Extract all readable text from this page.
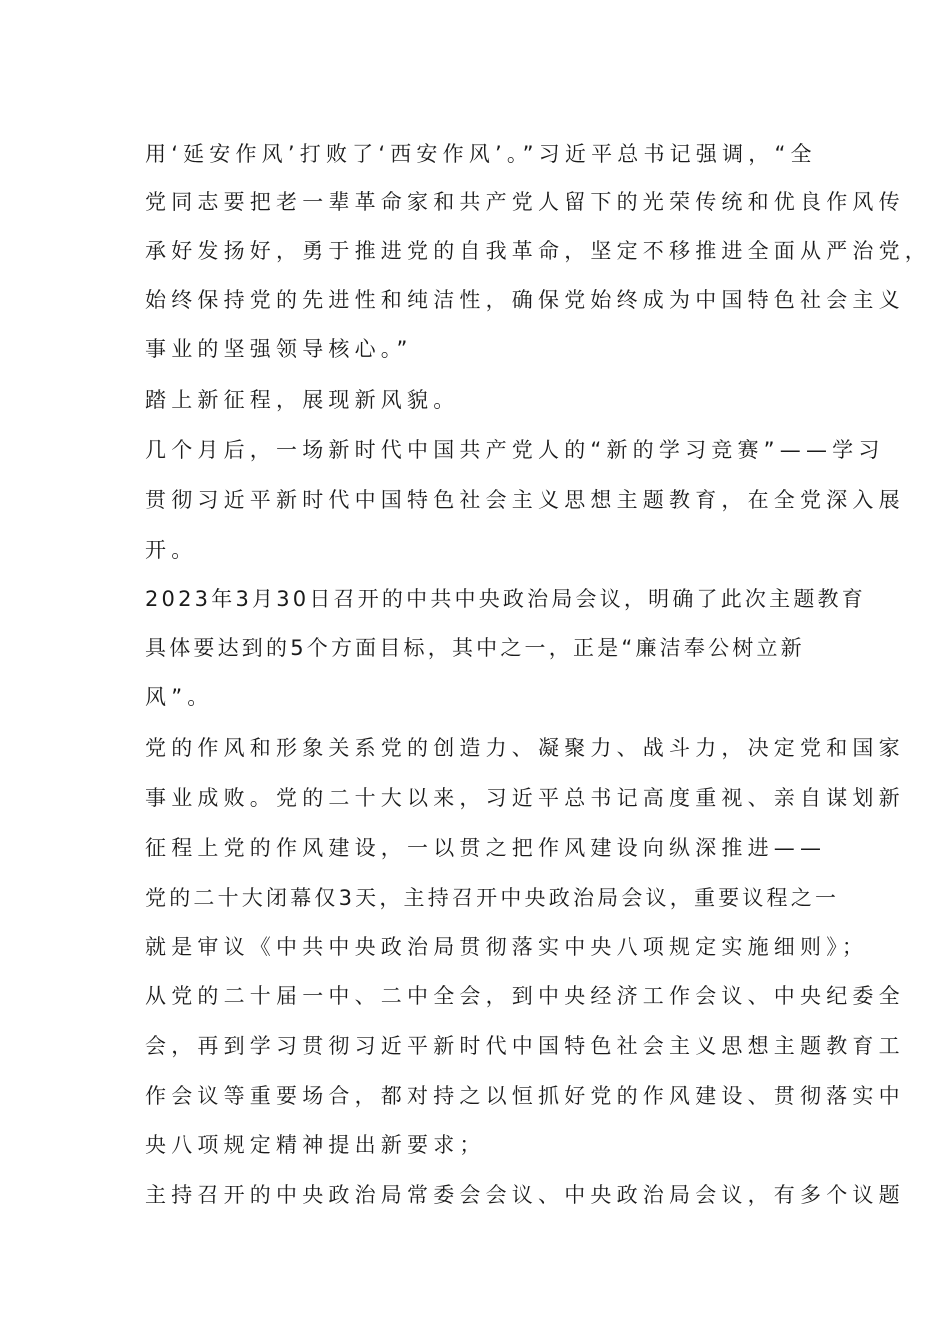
用‘延安作风’打败了‘西安作风’。”习近平总书记强调，“全
党同志要把老一辈革命家和共产党人留下的光荣传统和优良作风传
承好发扬好，勇于推进党的自我革命，坚定不移推进全面从严治党，
始终保持党的先进性和纯洁性，确保党始终成为中国特色社会主义
事业的坚强领导核心。”
踏上新征程，展现新风貌。
几个月后，一场新时代中国共产党人的“新的学习竞赛”——学习
贯彻习近平新时代中国特色社会主义思想主题教育，在全党深入展
开。
2023年3月30日召开的中共中央政治局会议，明确了此次主题教育
具体要达到的5个方面目标，其中之一，正是“廉洁奉公树立新
风”。
党的作风和形象关系党的创造力、凝聚力、战斗力，决定党和国家
事业成败。党的二十大以来，习近平总书记高度重视、亲自谋划新
征程上党的作风建设，一以贯之把作风建设向纵深推进——
党的二十大闭幕仅3天，主持召开中央政治局会议，重要议程之一
就是审议《中共中央政治局贯彻落实中央八项规定实施细则》；
从党的二十届一中、二中全会，到中央经济工作会议、中央纪委全
会，再到学习贯彻习近平新时代中国特色社会主义思想主题教育工
作会议等重要场合，都对持之以恒抓好党的作风建设、贯彻落实中
央八项规定精神提出新要求；
主持召开的中央政治局常委会会议、中央政治局会议，有多个议题
